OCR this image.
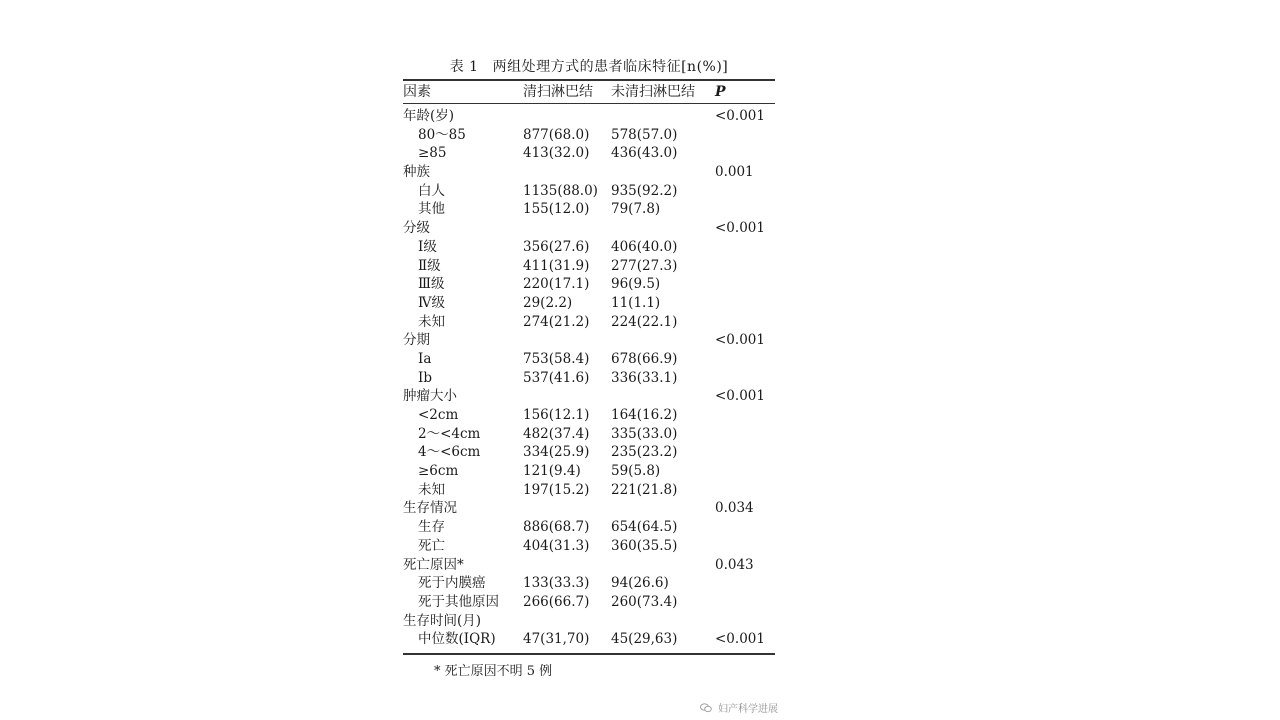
表 1 两组处理方式的患者临床特征[n(%)]
因素	清扫淋巴结 未清扫淋巴结 P
年龄(岁)	<0.001
80～85	877(68.0) 578(57.0)
≥85	413(32.0) 436(43.0)
种族	0.001
白人	1135(88.0) 935(92.2)
其他	155(12.0) 79(7.8)
分级	<0.001
Ⅰ级	356(27.6) 406(40.0)
Ⅱ级	411(31.9) 277(27.3)
Ⅲ级	220(17.1) 96(9.5)
Ⅳ级	29(2.2)	11(1.1)
未知	274(21.2) 224(22.1)
分期	<0.001
Ⅰa	753(58.4) 678(66.9)
Ⅰb	537(41.6) 336(33.1)
肿瘤大小	<0.001
<2cm	156(12.1) 164(16.2)
2～<4cm	482(37.4) 335(33.0)
4～<6cm	334(25.9) 235(23.2)
≥6cm	121(9.4) 59(5.8)
未知	197(15.2) 221(21.8)
生存情况	0.034
生存	886(68.7) 654(64.5)
死亡	404(31.3) 360(35.5)
死亡原因*	0.043
死于内膜癌	133(33.3) 94(26.6)
死于其他原因 266(66.7) 260(73.4)
生存时间(月)
中位数(IQR) 47(31,70) 45(29,63)	<0.001
* 死亡原因不明 5 例
妇产科学进展
